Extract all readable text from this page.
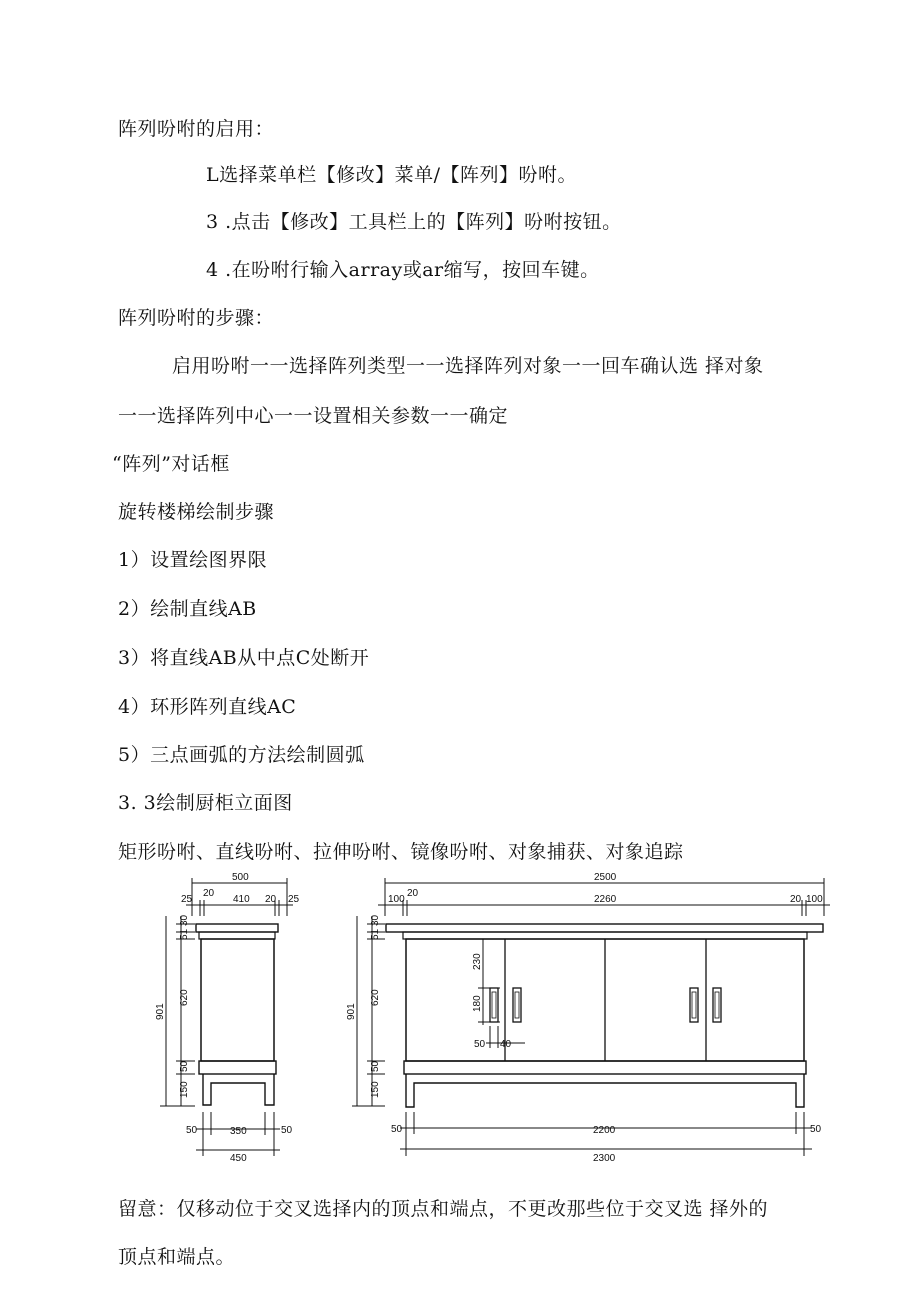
阵列吩咐的启用：
L选择菜单栏【修改】菜单/【阵列】吩咐。
3 .点击【修改】工具栏上的【阵列】吩咐按钮。
4 .在吩咐行输入array或ar缩写，按回车键。
阵列吩咐的步骤：
启用吩咐一一选择阵列类型一一选择阵列对象一一回车确认选 择对象
一一选择阵列中心一一设置相关参数一一确定
“阵列”对话框
旋转楼梯绘制步骤
1）设置绘图界限
2）绘制直线AB
3）将直线AB从中点C处断开
4）环形阵列直线AC
5）三点画弧的方法绘制圆弧
3. 3绘制厨柜立面图
矩形吩咐、直线吩咐、拉伸吩咐、镜像吩咐、对象捕获、对象追踪
500
25
20
410 20 25
30
51
620
50
150
901
50	350	50
450
2500
100
20
2260	20 100
30
51
620
50
150
901
230
180
50 40
50	2200	50
2300
留意：仅移动位于交叉选择内的顶点和端点，不更改那些位于交叉选 择外的
顶点和端点。
